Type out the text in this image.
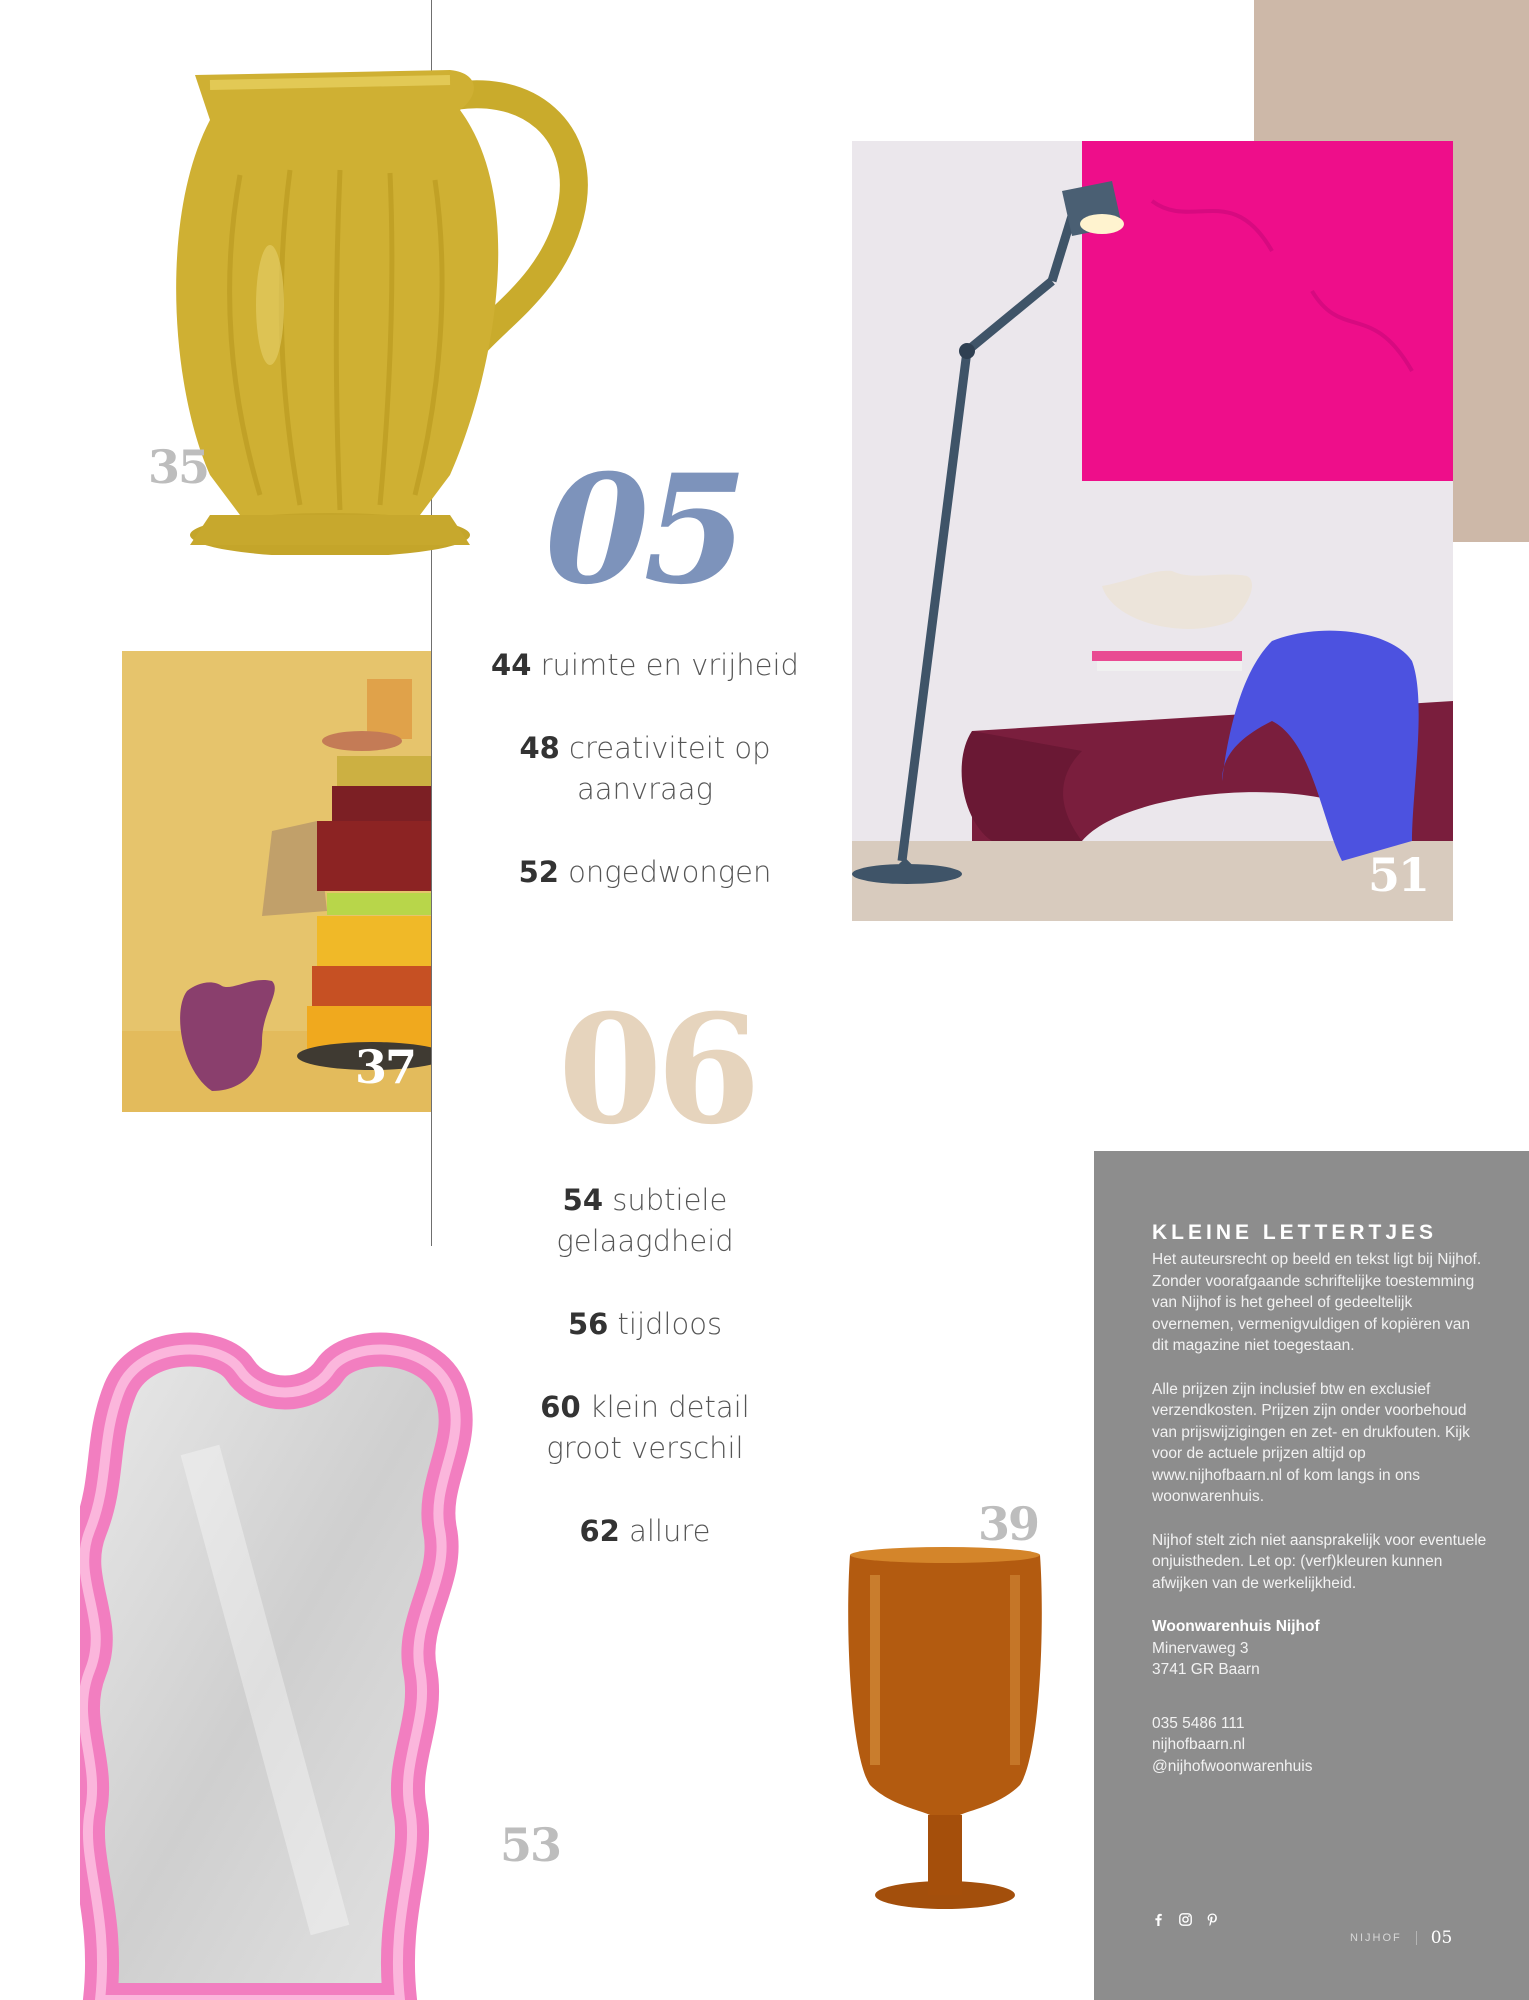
35
51
37
05
44 ruimte en vrijheid
48 creativiteit op aanvraag
52 ongedwongen
06
54 subtiele gelaagdheid
56 tijdloos
60 klein detail groot verschil
62 allure
53
39
KLEINE LETTERTJES

Het auteursrecht op beeld en tekst ligt bij Nijhof. Zonder voorafgaande schriftelijke toestemming van Nijhof is het geheel of gedeeltelijk overnemen, vermenigvuldigen of kopiëren van dit magazine niet toegestaan.

Alle prijzen zijn inclusief btw en exclusief verzendkosten. Prijzen zijn onder voorbehoud van prijswijzigingen en zet- en drukfouten. Kijk voor de actuele prijzen altijd op www.nijhofbaarn.nl of kom langs in ons woonwarenhuis.

Nijhof stelt zich niet aansprakelijk voor eventuele onjuistheden. Let op: (verf)kleuren kunnen afwijken van de werkelijkheid.

Woonwarenhuis Nijhof
Minervaweg 3
3741 GR Baarn

035 5486 111
nijhofbaarn.nl
@nijhofwoonwarenhuis

NIJHOF 05
